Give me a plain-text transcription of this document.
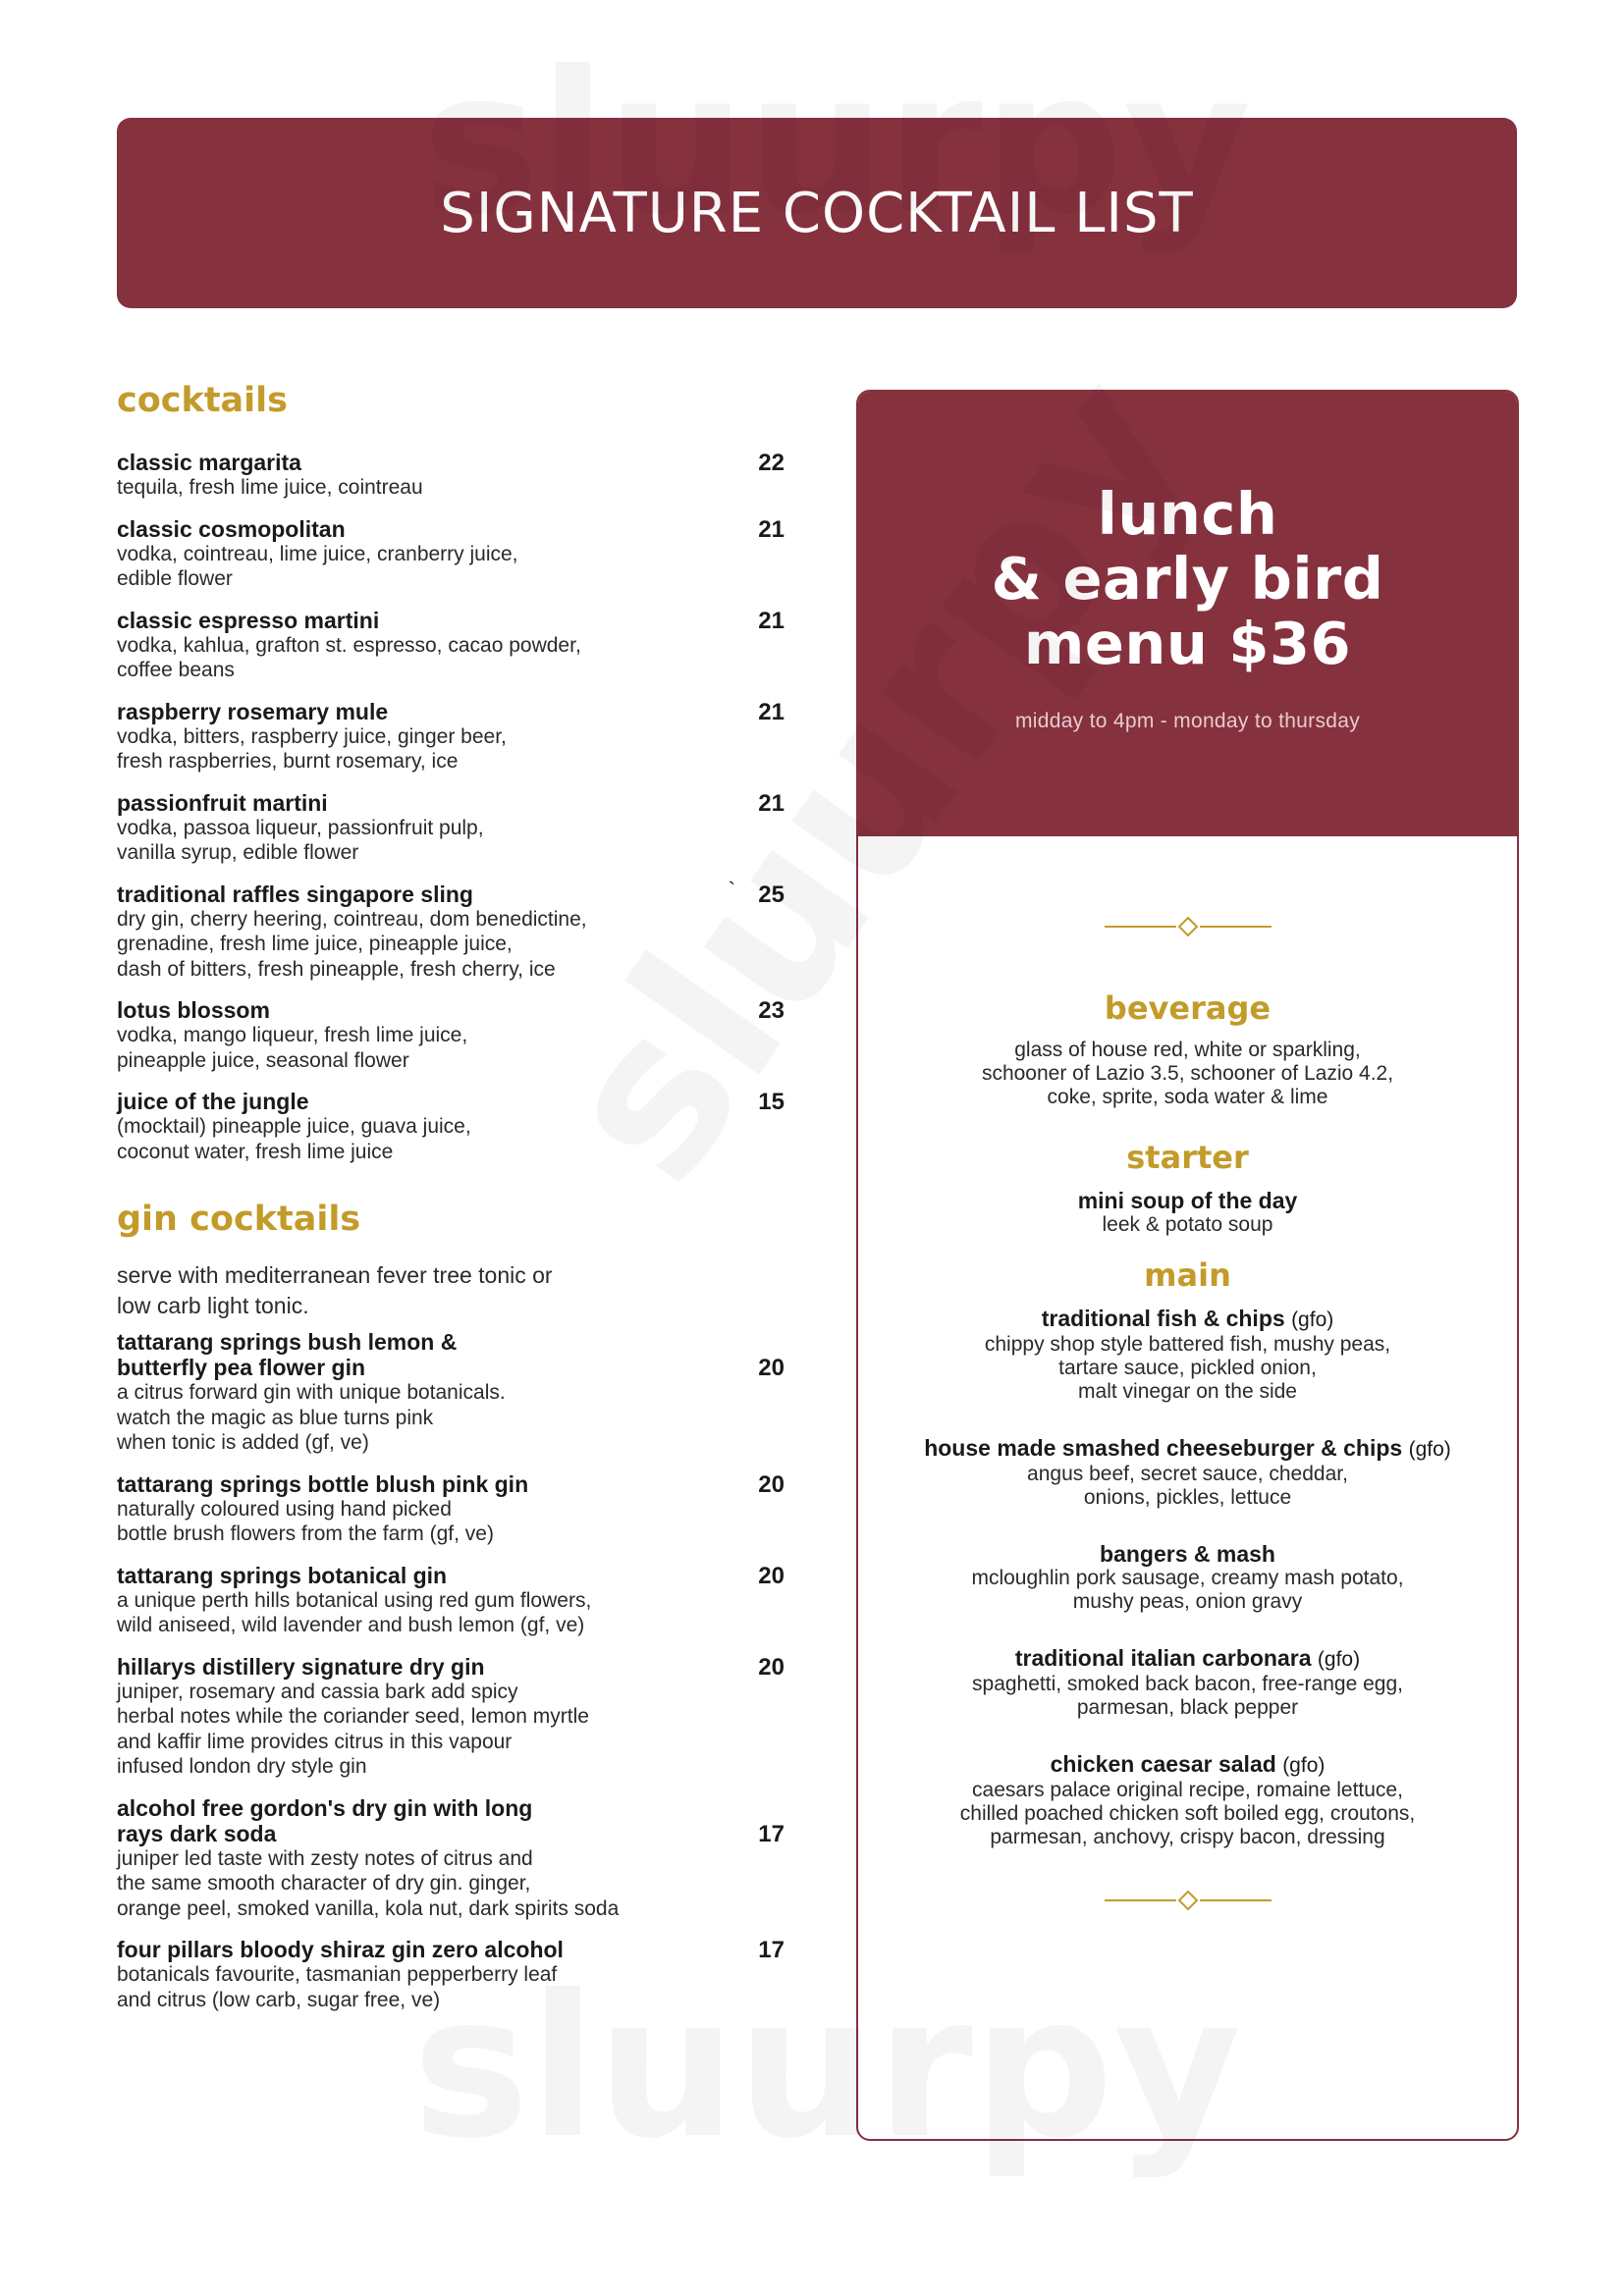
SIGNATURE COCKTAIL LIST
cocktails
classic margarita	22
tequila, fresh lime juice, cointreau
classic cosmopolitan	21
vodka, cointreau, lime juice, cranberry juice,
edible flower
classic espresso martini	21
vodka, kahlua, grafton st. espresso, cacao powder,
coffee beans
raspberry rosemary mule	21
vodka, bitters, raspberry juice, ginger beer,
fresh raspberries, burnt rosemary, ice
passionfruit martini	21
vodka, passoa liqueur, passionfruit pulp,
vanilla syrup, edible flower
traditional raffles singapore sling	` 25
dry gin, cherry heering, cointreau, dom benedictine,
grenadine, fresh lime juice, pineapple juice,
dash of bitters, fresh pineapple, fresh cherry, ice
lotus blossom	23
vodka, mango liqueur, fresh lime juice,
pineapple juice, seasonal flower
juice of the jungle	15
(mocktail) pineapple juice, guava juice,
coconut water, fresh lime juice
gin cocktails
serve with mediterranean fever tree tonic or
low carb light tonic.
tattarang springs bush lemon &
butterfly pea flower gin	20
a citrus forward gin with unique botanicals.
watch the magic as blue turns pink
when tonic is added (gf, ve)
tattarang springs bottle blush pink gin	20
naturally coloured using hand picked
bottle brush flowers from the farm (gf, ve)
tattarang springs botanical gin	20
a unique perth hills botanical using red gum flowers,
wild aniseed, wild lavender and bush lemon (gf, ve)
hillarys distillery signature dry gin	20
juniper, rosemary and cassia bark add spicy
herbal notes while the coriander seed, lemon myrtle
and kaffir lime provides citrus in this vapour
infused london dry style gin
alcohol free gordon's dry gin with long
rays dark soda	17
juniper led taste with zesty notes of citrus and
the same smooth character of dry gin. ginger,
orange peel, smoked vanilla, kola nut, dark spirits soda
four pillars bloody shiraz gin zero alcohol	17
botanicals favourite, tasmanian pepperberry leaf
and citrus (low carb, sugar free, ve)
lunch
& early bird
menu $36
midday to 4pm - monday to thursday
beverage
glass of house red, white or sparkling,
schooner of Lazio 3.5, schooner of Lazio 4.2,
coke, sprite, soda water & lime
starter
mini soup of the day
leek & potato soup
main
traditional fish & chips (gfo)
chippy shop style battered fish, mushy peas,
tartare sauce, pickled onion,
malt vinegar on the side
house made smashed cheeseburger & chips (gfo)
angus beef, secret sauce, cheddar,
onions, pickles, lettuce
bangers & mash
mcloughlin pork sausage, creamy mash potato,
mushy peas, onion gravy
traditional italian carbonara (gfo)
spaghetti, smoked back bacon, free-range egg,
parmesan, black pepper
chicken caesar salad (gfo)
caesars palace original recipe, romaine lettuce,
chilled poached chicken soft boiled egg, croutons,
parmesan, anchovy, crispy bacon, dressing
